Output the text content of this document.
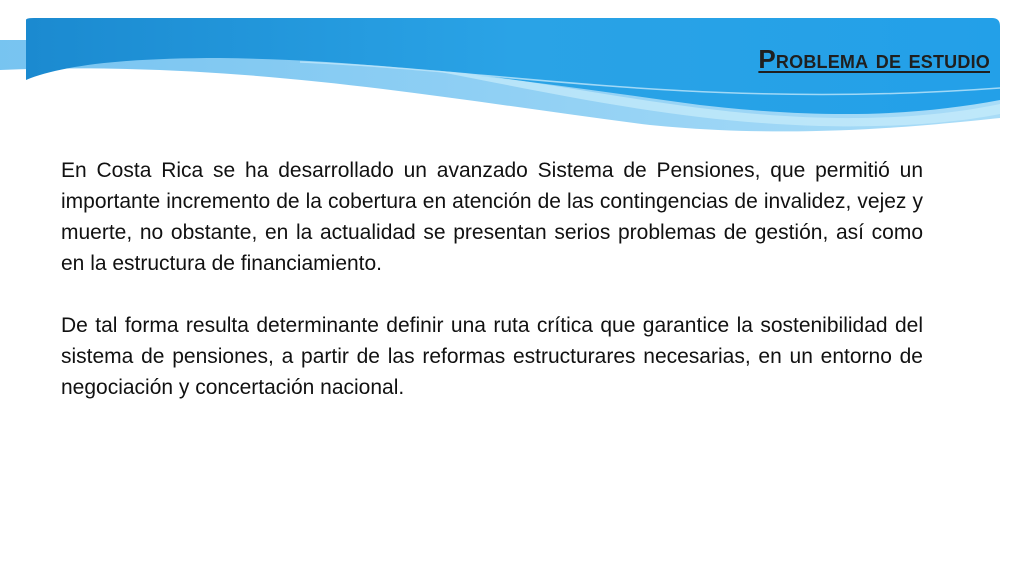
Problema de estudio

En Costa Rica se ha desarrollado un avanzado Sistema de Pensiones, que permitió un importante incremento de la cobertura en atención de las contingencias de invalidez, vejez y muerte, no obstante, en la actualidad se presentan serios problemas de gestión, así como en la estructura de financiamiento.

De tal forma resulta determinante definir una ruta crítica que garantice la sostenibilidad del sistema de pensiones, a partir de las reformas estructurares necesarias, en un entorno de negociación y concertación nacional.
